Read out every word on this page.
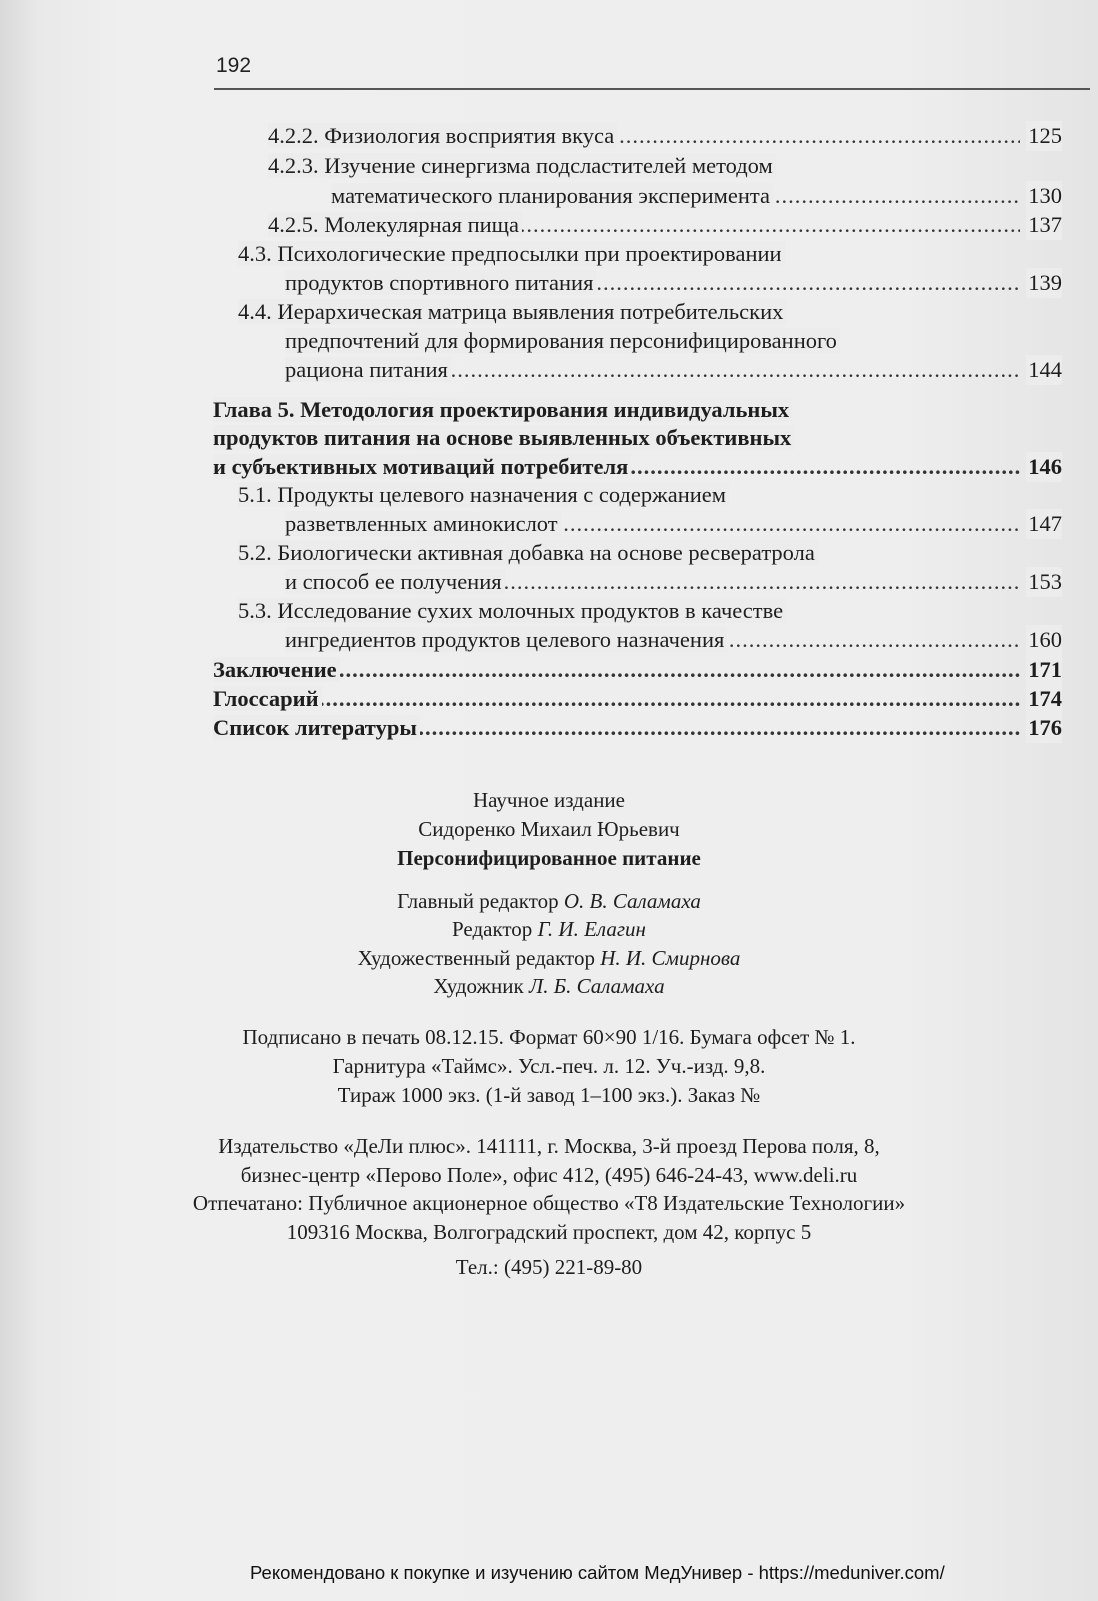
192
4.2.2. Физиология восприятия вкуса	125
.....
4.2.3. Изучение синергизма подсластителей методом
математического планирования эксперимента	130
.....
4.2.5. Молекулярная пища	137
.....
4.3. Психологические предпосылки при проектировании
продуктов спортивного питания	139
.....
4.4. Иерархическая матрица выявления потребительских
предпочтений для формирования персонифицированного
рациона питания	144
.....
Глава 5. Методология проектирования индивидуальных
продуктов питания на основе выявленных объективных
и субъективных мотиваций потребителя	146
.....
5.1. Продукты целевого назначения с содержанием
разветвленных аминокислот	147
.....
5.2. Биологически активная добавка на основе ресвератрола
и способ ее получения	153
.....
5.3. Исследование сухих молочных продуктов в качестве
ингредиентов продуктов целевого назначения	160
.....
Заключение	171
.....
Глоссарий	174
.....
Список литературы	176
.....
Научное издание
Сидоренко Михаил Юрьевич
Персонифицированное питание
Главный редактор О. В. Саламаха
Редактор Г. И. Елагин
Художественный редактор Н. И. Смирнова
Художник Л. Б. Саламаха
Подписано в печать 08.12.15. Формат 60×90 1/16. Бумага офсет № 1.
Гарнитура «Таймс». Усл.-печ. л. 12. Уч.-изд. 9,8.
Тираж 1000 экз. (1-й завод 1–100 экз.). Заказ №
Издательство «ДеЛи плюс». 141111, г. Москва, 3-й проезд Перова поля, 8,
бизнес-центр «Перово Поле», офис 412, (495) 646-24-43, www.deli.ru
Отпечатано: Публичное акционерное общество «Т8 Издательские Технологии»
109316 Москва, Волгоградский проспект, дом 42, корпус 5
Тел.: (495) 221-89-80
Рекомендовано к покупке и изучению сайтом МедУнивер - https://meduniver.com/
